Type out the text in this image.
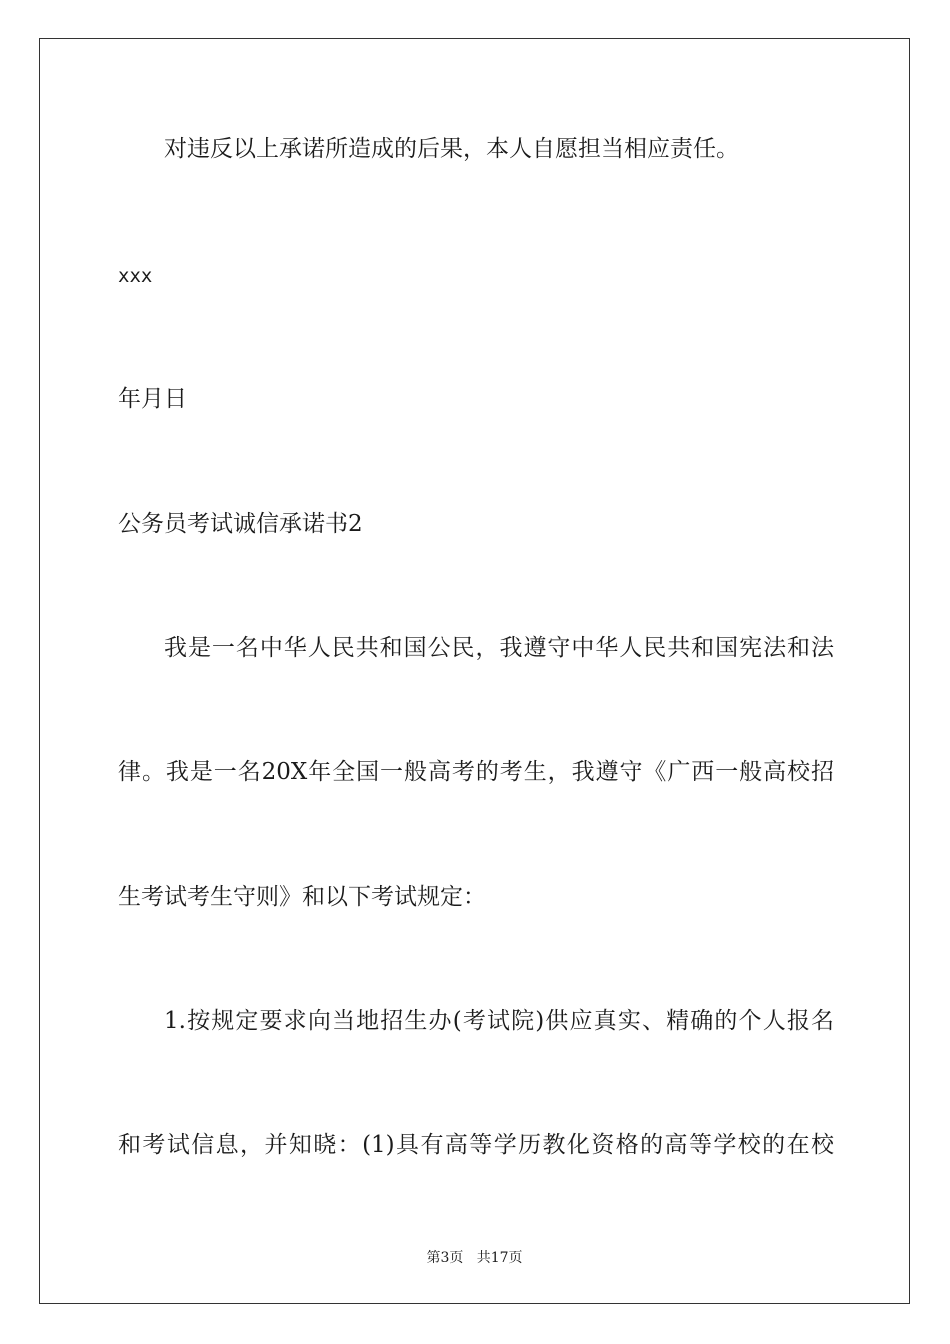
对违反以上承诺所造成的后果，本人自愿担当相应责任。
xxx
年月日
公务员考试诚信承诺书2
我是一名中华人民共和国公民，我遵守中华人民共和国宪法和法
律。我是一名20X年全国一般高考的考生，我遵守《广西一般高校招
生考试考生守则》和以下考试规定：
1.按规定要求向当地招生办(考试院)供应真实、精确的个人报名
和考试信息，并知晓：(1)具有高等学历教化资格的高等学校的在校
第3页   共17页
